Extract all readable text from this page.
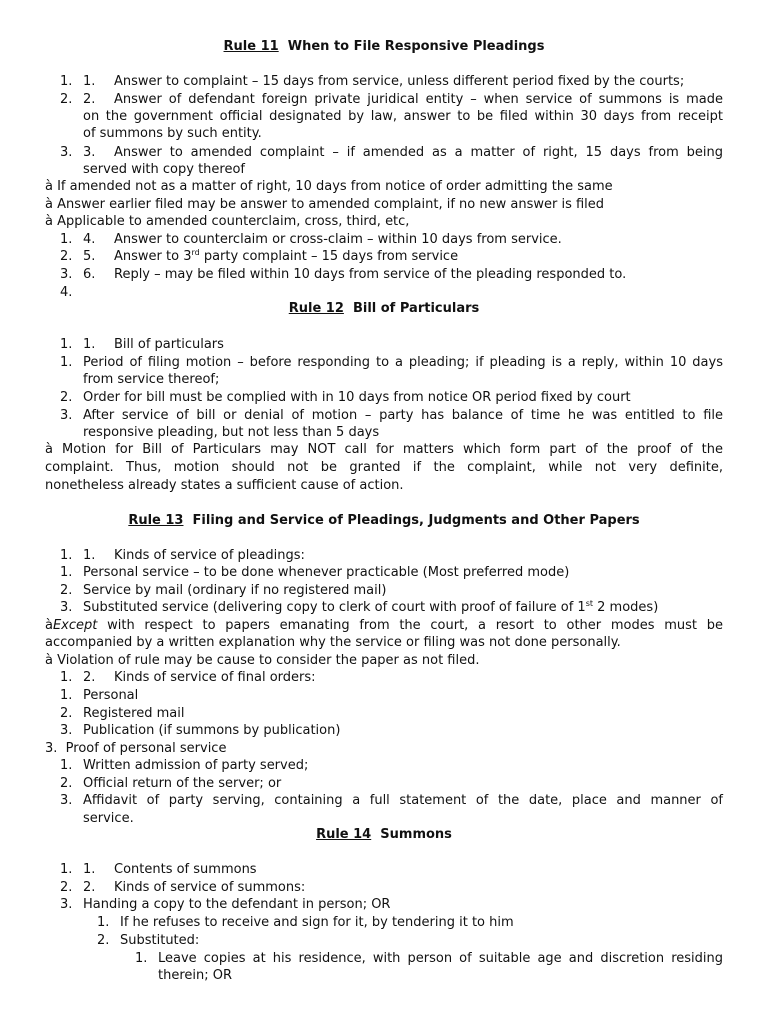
Rule 11 When to File Responsive Pleadings
1. 1. Answer to complaint – 15 days from service, unless different period fixed by the courts;
2. 2. Answer of defendant foreign private juridical entity – when service of summons is made
on the government official designated by law, answer to be filed within 30 days from receipt
of summons by such entity.
3. 3. Answer to amended complaint – if amended as a matter of right, 15 days from being
served with copy thereof
à If amended not as a matter of right, 10 days from notice of order admitting the same
à Answer earlier filed may be answer to amended complaint, if no new answer is filed
à Applicable to amended counterclaim, cross, third, etc,
1. 4. Answer to counterclaim or cross-claim – within 10 days from service.
2. 5. Answer to 3rd party complaint – 15 days from service
3. 6. Reply – may be filed within 10 days from service of the pleading responded to.
4.
Rule 12 Bill of Particulars
1. 1. Bill of particulars
1. Period of filing motion – before responding to a pleading; if pleading is a reply, within 10 days
from service thereof;
2. Order for bill must be complied with in 10 days from notice OR period fixed by court
3. After service of bill or denial of motion – party has balance of time he was entitled to file
responsive pleading, but not less than 5 days
à Motion for Bill of Particulars may NOT call for matters which form part of the proof of the
complaint. Thus, motion should not be granted if the complaint, while not very definite,
nonetheless already states a sufficient cause of action.
Rule 13 Filing and Service of Pleadings, Judgments and Other Papers
1. 1. Kinds of service of pleadings:
1. Personal service – to be done whenever practicable (Most preferred mode)
2. Service by mail (ordinary if no registered mail)
3. Substituted service (delivering copy to clerk of court with proof of failure of 1st 2 modes)
àExcept with respect to papers emanating from the court, a resort to other modes must be
accompanied by a written explanation why the service or filing was not done personally.
à Violation of rule may be cause to consider the paper as not filed.
1. 2. Kinds of service of final orders:
1. Personal
2. Registered mail
3. Publication (if summons by publication)
3.  Proof of personal service
1. Written admission of party served;
2. Official return of the server; or
3. Affidavit of party serving, containing a full statement of the date, place and manner of
service.
Rule 14 Summons
1. 1. Contents of summons
2. 2. Kinds of service of summons:
3. Handing a copy to the defendant in person; OR
1. If he refuses to receive and sign for it, by tendering it to him
2. Substituted:
1. Leave copies at his residence, with person of suitable age and discretion residing
therein; OR
